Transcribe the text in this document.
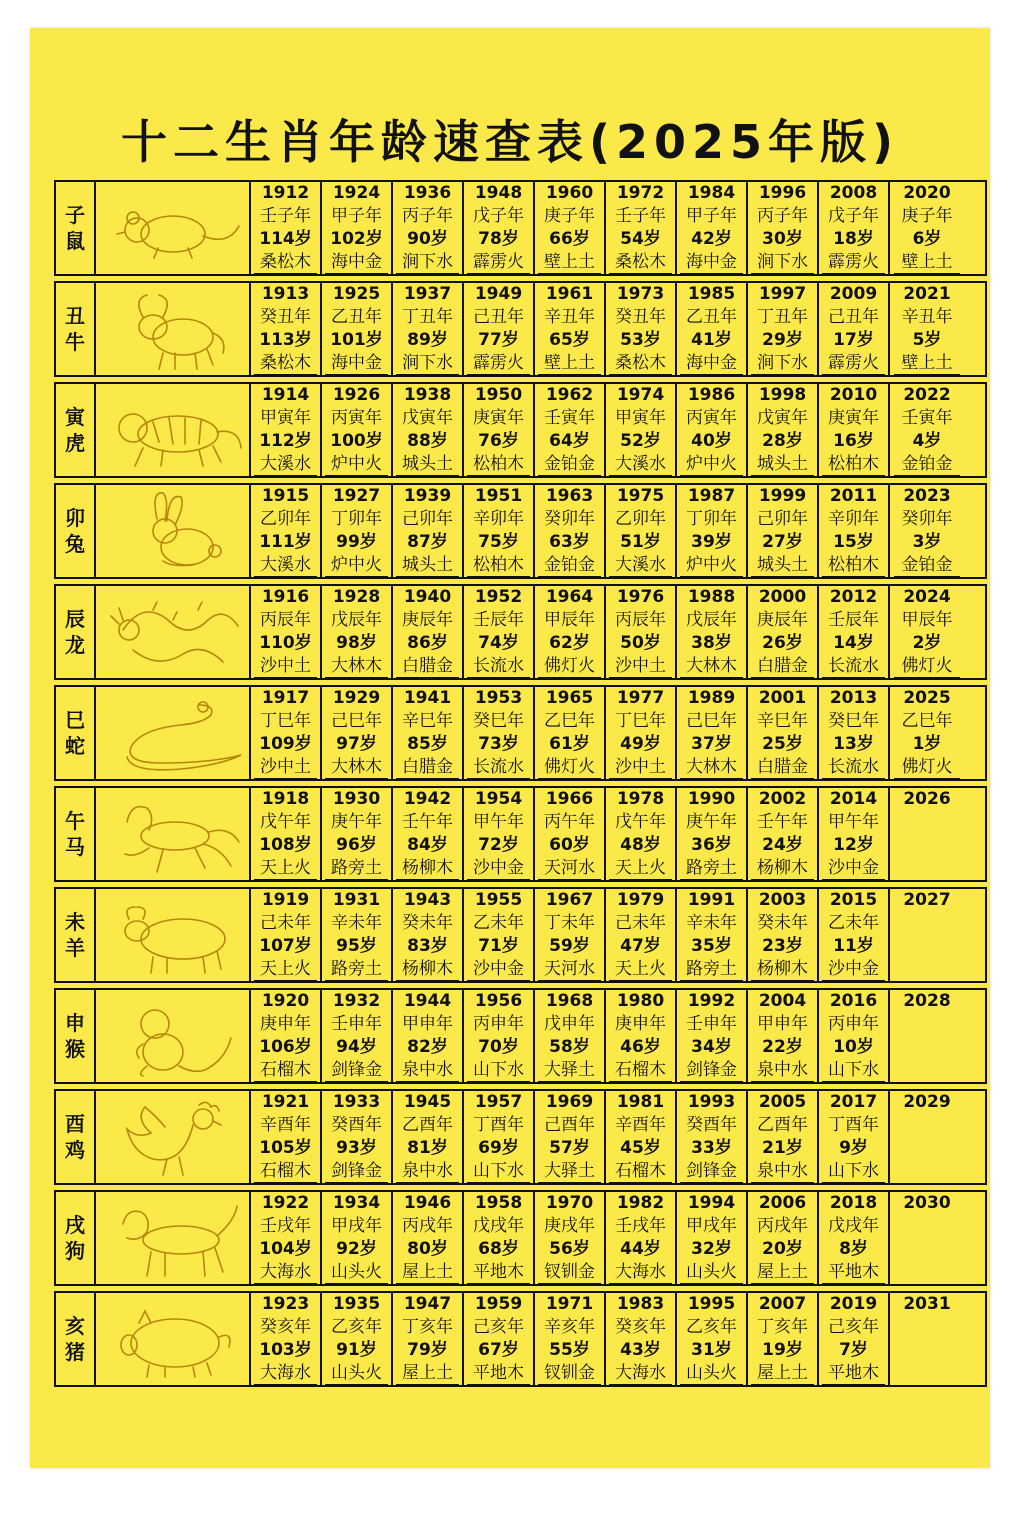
十二生肖年龄速查表(2025年版)
子
鼠
1912
壬子年
114岁
桑松木
1924
甲子年
102岁
海中金
1936
丙子年
90岁
涧下水
1948
戊子年
78岁
霹雳火
1960
庚子年
66岁
壁上土
1972
壬子年
54岁
桑松木
1984
甲子年
42岁
海中金
1996
丙子年
30岁
涧下水
2008
戊子年
18岁
霹雳火
2020
庚子年
6岁
壁上土
丑
牛
1913
癸丑年
113岁
桑松木
1925
乙丑年
101岁
海中金
1937
丁丑年
89岁
涧下水
1949
己丑年
77岁
霹雳火
1961
辛丑年
65岁
壁上土
1973
癸丑年
53岁
桑松木
1985
乙丑年
41岁
海中金
1997
丁丑年
29岁
涧下水
2009
己丑年
17岁
霹雳火
2021
辛丑年
5岁
壁上土
寅
虎
1914
甲寅年
112岁
大溪水
1926
丙寅年
100岁
炉中火
1938
戊寅年
88岁
城头土
1950
庚寅年
76岁
松柏木
1962
壬寅年
64岁
金铂金
1974
甲寅年
52岁
大溪水
1986
丙寅年
40岁
炉中火
1998
戊寅年
28岁
城头土
2010
庚寅年
16岁
松柏木
2022
壬寅年
4岁
金铂金
卯
兔
1915
乙卯年
111岁
大溪水
1927
丁卯年
99岁
炉中火
1939
己卯年
87岁
城头土
1951
辛卯年
75岁
松柏木
1963
癸卯年
63岁
金铂金
1975
乙卯年
51岁
大溪水
1987
丁卯年
39岁
炉中火
1999
己卯年
27岁
城头土
2011
辛卯年
15岁
松柏木
2023
癸卯年
3岁
金铂金
辰
龙
1916
丙辰年
110岁
沙中土
1928
戊辰年
98岁
大林木
1940
庚辰年
86岁
白腊金
1952
壬辰年
74岁
长流水
1964
甲辰年
62岁
佛灯火
1976
丙辰年
50岁
沙中土
1988
戊辰年
38岁
大林木
2000
庚辰年
26岁
白腊金
2012
壬辰年
14岁
长流水
2024
甲辰年
2岁
佛灯火
巳
蛇
1917
丁巳年
109岁
沙中土
1929
己巳年
97岁
大林木
1941
辛巳年
85岁
白腊金
1953
癸巳年
73岁
长流水
1965
乙巳年
61岁
佛灯火
1977
丁巳年
49岁
沙中土
1989
己巳年
37岁
大林木
2001
辛巳年
25岁
白腊金
2013
癸巳年
13岁
长流水
2025
乙巳年
1岁
佛灯火
午
马
1918
戊午年
108岁
天上火
1930
庚午年
96岁
路旁土
1942
壬午年
84岁
杨柳木
1954
甲午年
72岁
沙中金
1966
丙午年
60岁
天河水
1978
戊午年
48岁
天上火
1990
庚午年
36岁
路旁土
2002
壬午年
24岁
杨柳木
2014
甲午年
12岁
沙中金
2026
未
羊
1919
己未年
107岁
天上火
1931
辛未年
95岁
路旁土
1943
癸未年
83岁
杨柳木
1955
乙未年
71岁
沙中金
1967
丁未年
59岁
天河水
1979
己未年
47岁
天上火
1991
辛未年
35岁
路旁土
2003
癸未年
23岁
杨柳木
2015
乙未年
11岁
沙中金
2027
申
猴
1920
庚申年
106岁
石榴木
1932
壬申年
94岁
剑锋金
1944
甲申年
82岁
泉中水
1956
丙申年
70岁
山下水
1968
戊申年
58岁
大驿土
1980
庚申年
46岁
石榴木
1992
壬申年
34岁
剑锋金
2004
甲申年
22岁
泉中水
2016
丙申年
10岁
山下水
2028
酉
鸡
1921
辛酉年
105岁
石榴木
1933
癸酉年
93岁
剑锋金
1945
乙酉年
81岁
泉中水
1957
丁酉年
69岁
山下水
1969
己酉年
57岁
大驿土
1981
辛酉年
45岁
石榴木
1993
癸酉年
33岁
剑锋金
2005
乙酉年
21岁
泉中水
2017
丁酉年
9岁
山下水
2029
戌
狗
1922
壬戌年
104岁
大海水
1934
甲戌年
92岁
山头火
1946
丙戌年
80岁
屋上土
1958
戊戌年
68岁
平地木
1970
庚戌年
56岁
钗钏金
1982
壬戌年
44岁
大海水
1994
甲戌年
32岁
山头火
2006
丙戌年
20岁
屋上土
2018
戊戌年
8岁
平地木
2030
亥
猪
1923
癸亥年
103岁
大海水
1935
乙亥年
91岁
山头火
1947
丁亥年
79岁
屋上土
1959
己亥年
67岁
平地木
1971
辛亥年
55岁
钗钏金
1983
癸亥年
43岁
大海水
1995
乙亥年
31岁
山头火
2007
丁亥年
19岁
屋上土
2019
己亥年
7岁
平地木
2031
